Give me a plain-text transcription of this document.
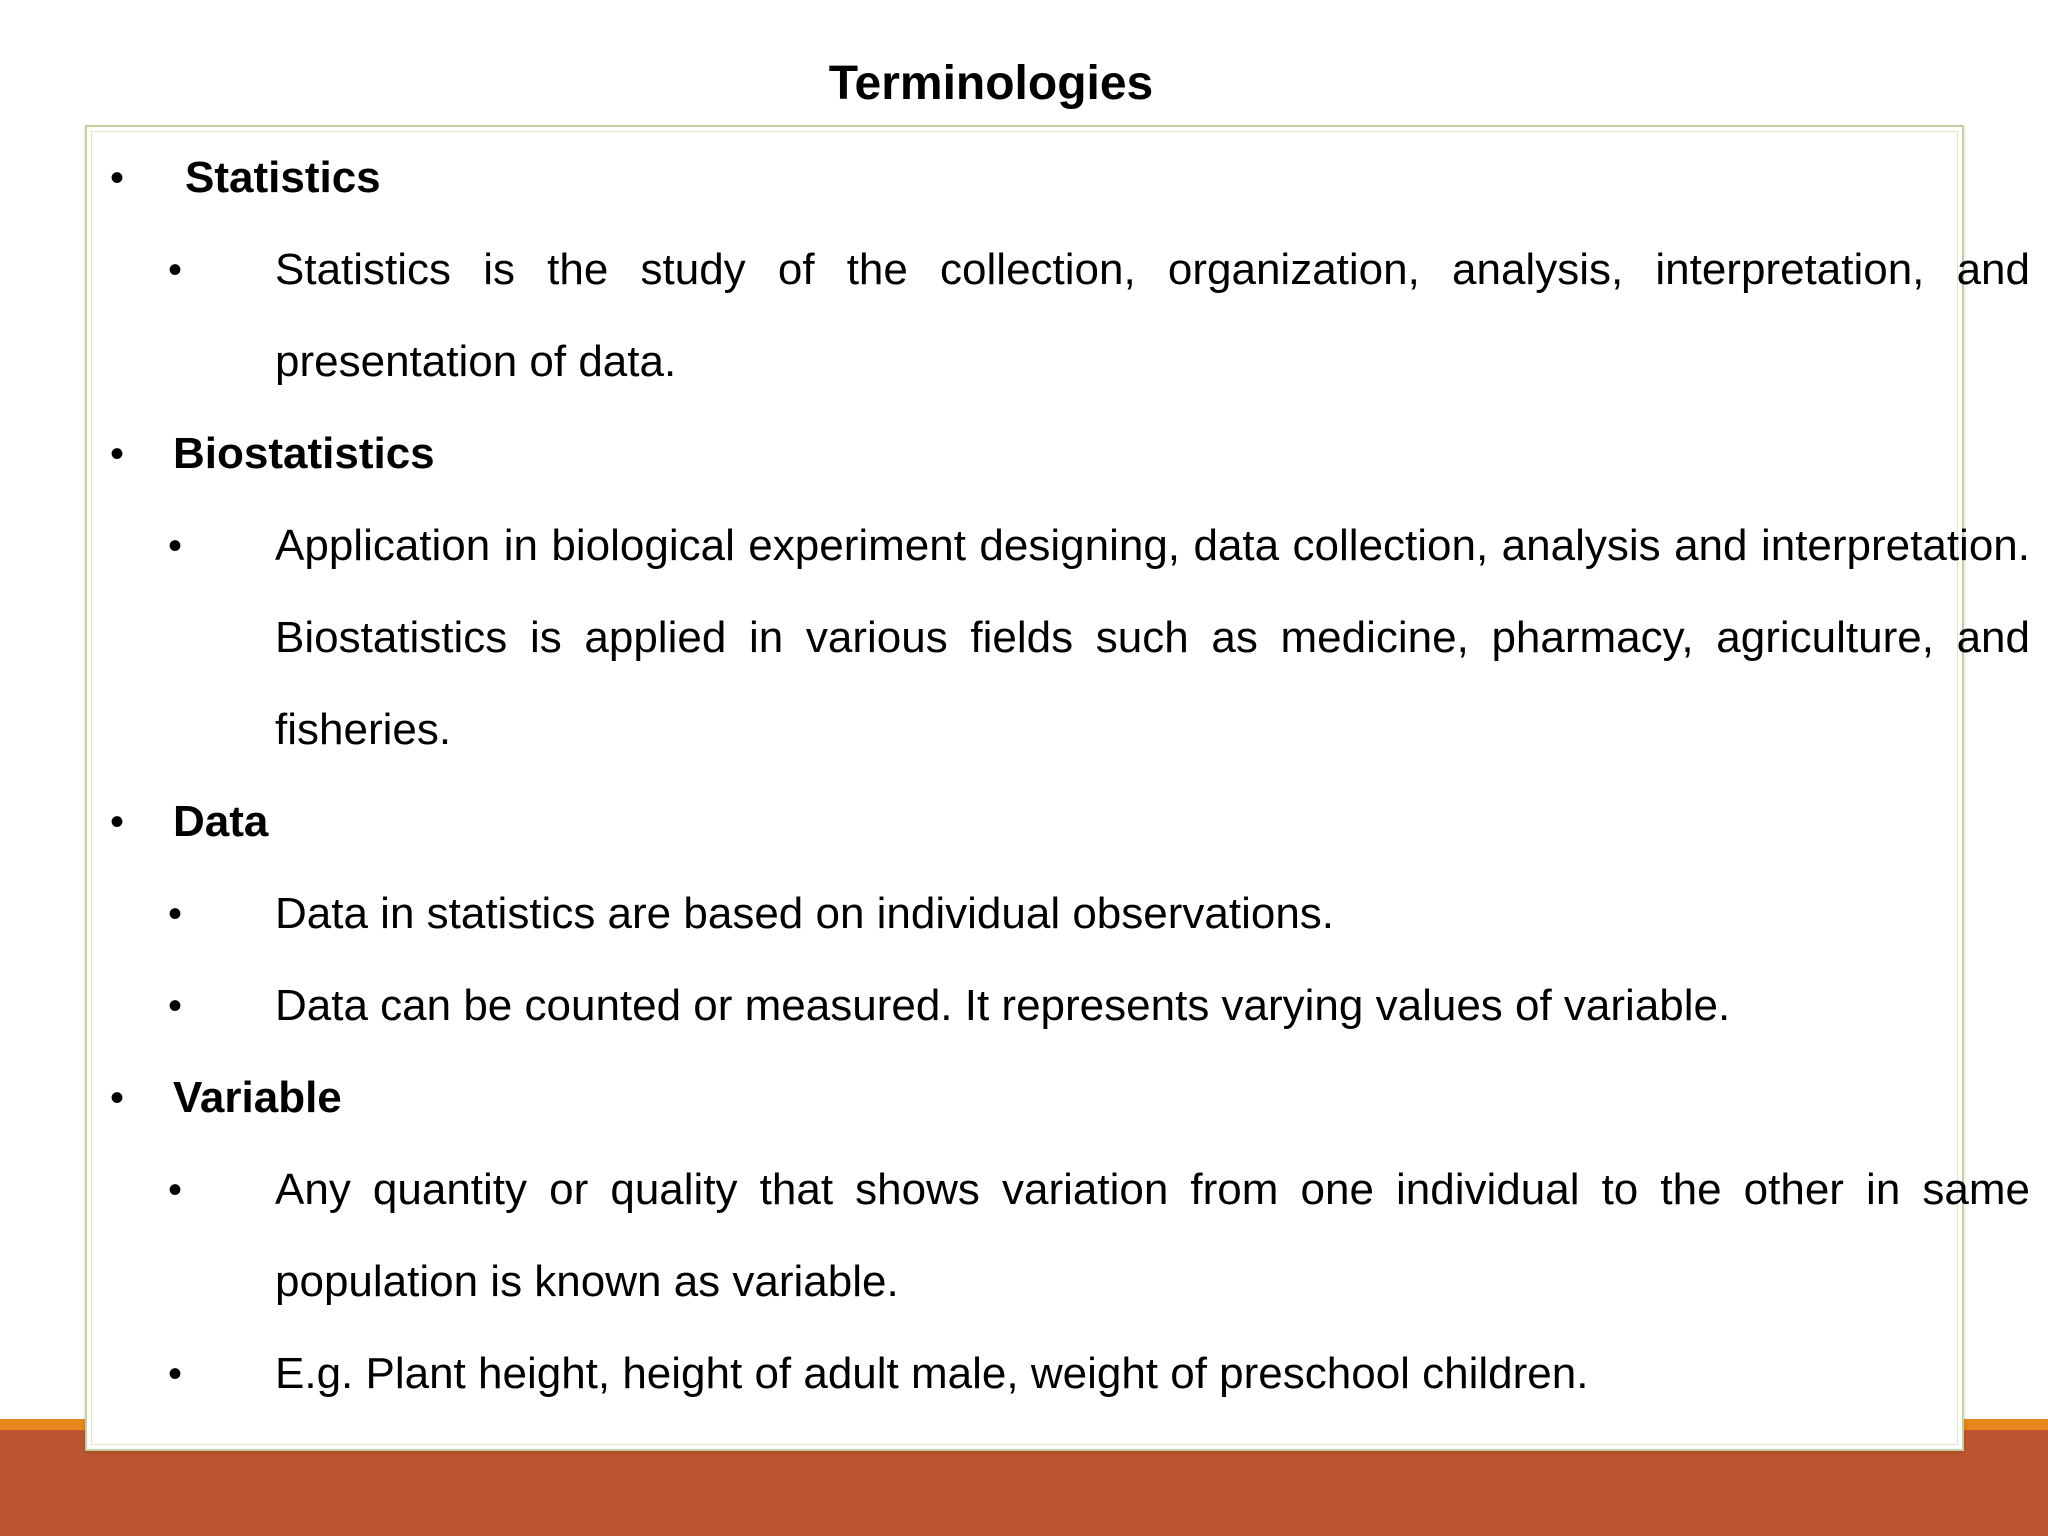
Terminologies
• Statistics
•	Statistics is the study of the collection, organization, analysis, interpretation, and presentation of data.
• Biostatistics
•	Application in biological experiment designing, data collection, analysis and interpretation. Biostatistics is applied in various fields such as medicine, pharmacy, agriculture, and fisheries.
• Data
•	Data in statistics are based on individual observations.
•	Data can be counted or measured. It represents varying values of variable.
• Variable
•	Any quantity or quality that shows variation from one individual to the other in same population is known as variable.
•	E.g. Plant height, height of adult male, weight of preschool children.
